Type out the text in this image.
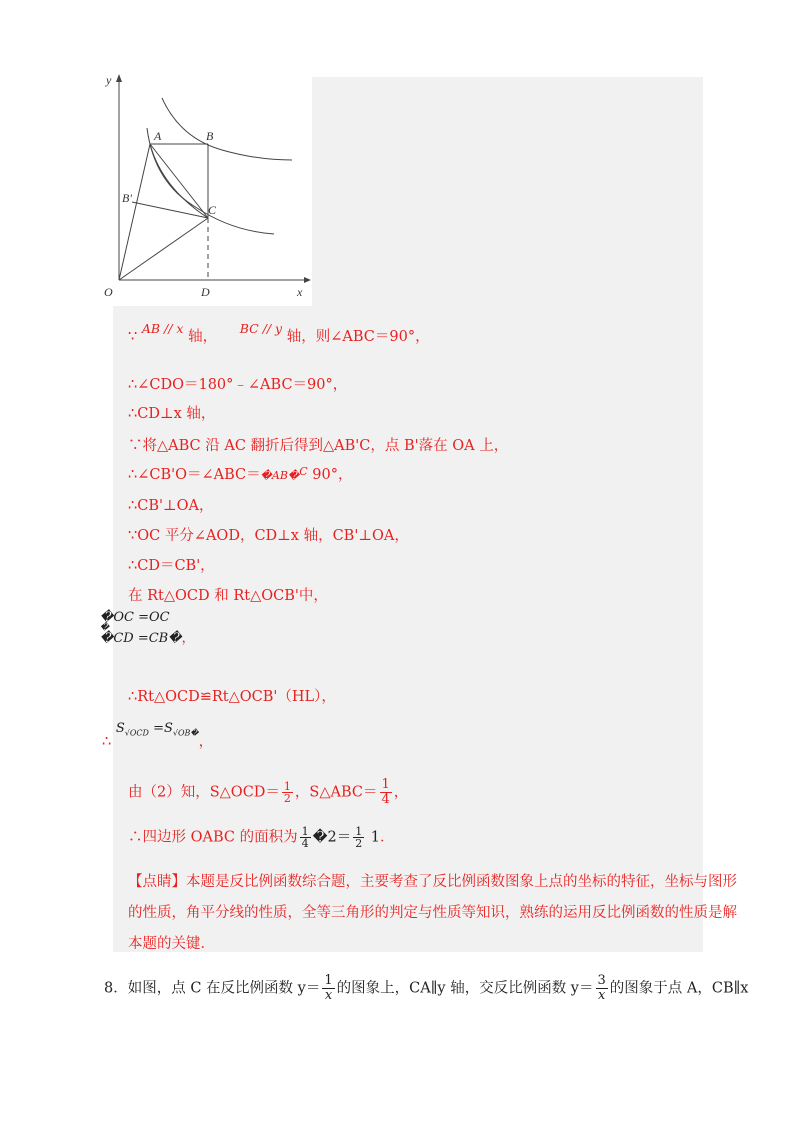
y
x
O	D
A	B
B'
C
∵ AB // x 轴， BC // y 轴，则∠ABC＝90°，
∴∠CDO＝180°﹣∠ABC＝90°，
∴CD⊥x 轴，
∵将△ABC 沿 AC 翻折后得到△AB'C，点 B'落在 OA 上，
∴∠CB'O＝∠ABC＝�AB�$^C$ 90°，
∴CB'⊥OA，
∵OC 平分∠AOD，CD⊥x 轴，CB'⊥OA，
∴CD＝CB'，
在 Rt△OCD 和 Rt△OCB'中，
�OC =OC
�
�CD =CB�，
∴Rt△OCD≌Rt△OCB'（HL），
∴ $S_{√OCD} =S_{√OB�}$，
由（2）知，S△OCD＝ $\frac{1}{2}$ ，S△ABC＝ $\frac{1}{4}$ ，
∴四边形 OABC 的面积为 $\frac{1}{4}$ �2＝ $\frac{1}{2} 1$．
【点睛】本题是反比例函数综合题，主要考查了反比例函数图象上点的坐标的特征，坐标与图形
的性质，角平分线的性质，全等三角形的判定与性质等知识，熟练的运用反比例函数的性质是解
本题的关键．
8．如图，点 C 在反比例函数 $y= \frac{1}{x}$ 的图象上，CA∥y 轴，交反比例函数 $y= \frac{3}{x}$ 的图象于点 A，CB∥x
